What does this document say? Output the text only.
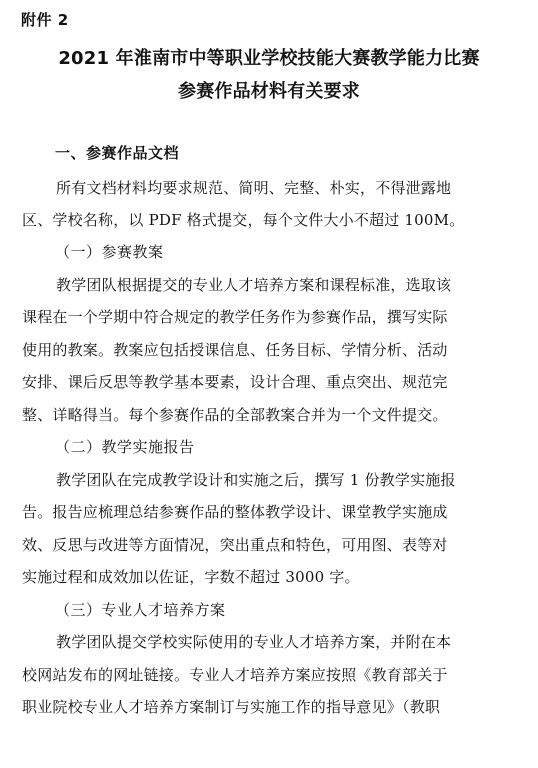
附件 2
2021 年淮南市中等职业学校技能大赛教学能力比赛
参赛作品材料有关要求
一、参赛作品文档
所有文档材料均要求规范、简明、完整、朴实，不得泄露地
区、学校名称，以 PDF 格式提交，每个文件大小不超过 100M。
（一）参赛教案
教学团队根据提交的专业人才培养方案和课程标准，选取该
课程在一个学期中符合规定的教学任务作为参赛作品，撰写实际
使用的教案。教案应包括授课信息、任务目标、学情分析、活动
安排、课后反思等教学基本要素，设计合理、重点突出、规范完
整、详略得当。每个参赛作品的全部教案合并为一个文件提交。
（二）教学实施报告
教学团队在完成教学设计和实施之后，撰写 1 份教学实施报
告。报告应梳理总结参赛作品的整体教学设计、课堂教学实施成
效、反思与改进等方面情况，突出重点和特色，可用图、表等对
实施过程和成效加以佐证，字数不超过 3000 字。
（三）专业人才培养方案
教学团队提交学校实际使用的专业人才培养方案，并附在本
校网站发布的网址链接。专业人才培养方案应按照《教育部关于
职业院校专业人才培养方案制订与实施工作的指导意见》（教职
